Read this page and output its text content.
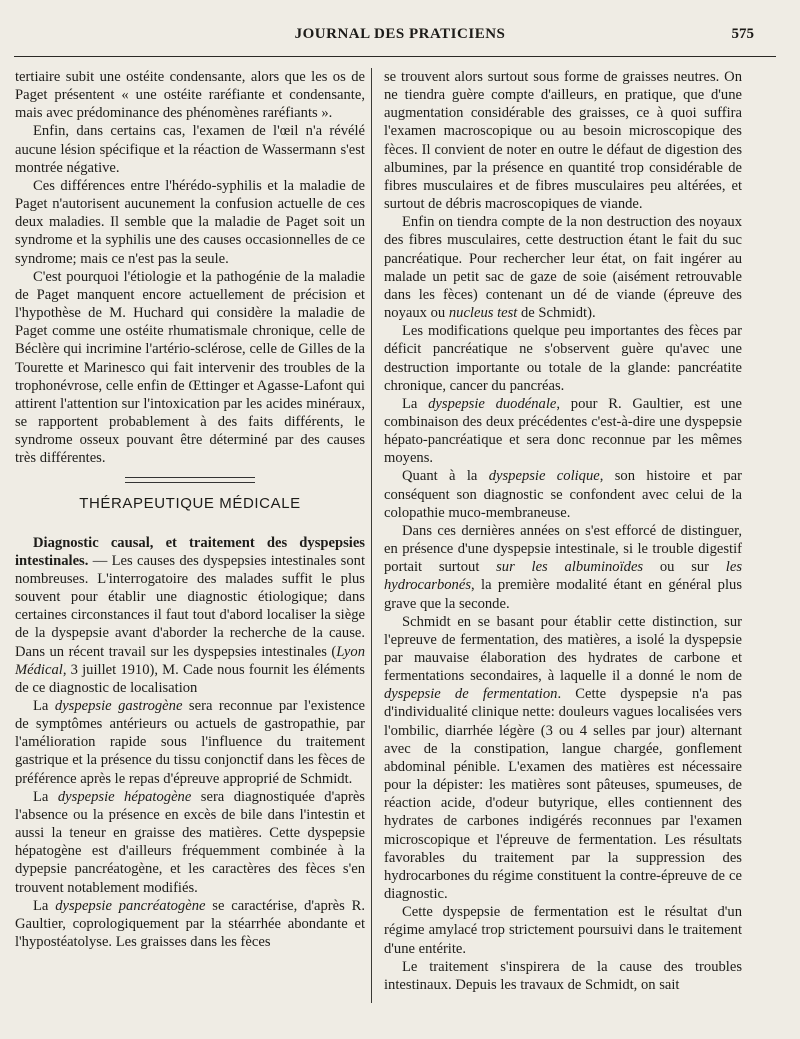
JOURNAL DES PRATICIENS	575

tertiaire subit une ostéite condensante, alors que les os de Paget présentent « une ostéite raréfiante et condensante, mais avec prédominance des phénomènes raréfiants ».

Enfin, dans certains cas, l'examen de l'œil n'a révélé aucune lésion spécifique et la réaction de Wassermann s'est montrée négative.

Ces différences entre l'hérédo-syphilis et la maladie de Paget n'autorisent aucunement la confusion actuelle de ces deux maladies. Il semble que la maladie de Paget soit un syndrome et la syphilis une des causes occasionnelles de ce syndrome; mais ce n'est pas la seule.

C'est pourquoi l'étiologie et la pathogénie de la maladie de Paget manquent encore actuellement de précision et l'hypothèse de M. Huchard qui considère la maladie de Paget comme une ostéite rhumatismale chronique, celle de Béclère qui incrimine l'artério-sclérose, celle de Gilles de la Tourette et Marinesco qui fait intervenir des troubles de la trophonévrose, celle enfin de Œttinger et Agasse-Lafont qui attirent l'attention sur l'intoxication par les acides minéraux, se rapportent probablement à des faits différents, le syndrome osseux pouvant être déterminé par des causes très différentes.

THÉRAPEUTIQUE MÉDICALE

Diagnostic causal, et traitement des dyspepsies intestinales. — Les causes des dyspepsies intestinales sont nombreuses. L'interrogatoire des malades suffit le plus souvent pour établir une diagnostic étiologique; dans certaines circonstances il faut tout d'abord localiser la siège de la dyspepsie avant d'aborder la recherche de la cause. Dans un récent travail sur les dyspepsies intestinales (Lyon Médical, 3 juillet 1910), M. Cade nous fournit les éléments de ce diagnostic de localisation

La dyspepsie gastrogène sera reconnue par l'existence de symptômes antérieurs ou actuels de gastropathie, par l'amélioration rapide sous l'influence du traitement gastrique et la présence du tissu conjonctif dans les fèces de préférence après le repas d'épreuve approprié de Schmidt.

La dyspepsie hépatogène sera diagnostiquée d'après l'absence ou la présence en excès de bile dans l'intestin et aussi la teneur en graisse des matières. Cette dyspepsie hépatogène est d'ailleurs fréquemment combinée à la dypepsie pancréatogène, et les caractères des fèces s'en trouvent notablement modifiés.

La dyspepsie pancréatogène se caractérise, d'après R. Gaultier, coprologiquement par la stéarrhée abondante et l'hypostéatolyse. Les graisses dans les fèces

se trouvent alors surtout sous forme de graisses neutres. On ne tiendra guère compte d'ailleurs, en pratique, que d'une augmentation considérable des graisses, ce à quoi suffira l'examen macroscopique ou au besoin microscopique des fèces. Il convient de noter en outre le défaut de digestion des albumines, par la présence en quantité trop considérable de fibres musculaires et de fibres musculaires peu altérées, et surtout de débris macroscopiques de viande.

Enfin on tiendra compte de la non destruction des noyaux des fibres musculaires, cette destruction étant le fait du suc pancréatique. Pour rechercher leur état, on fait ingérer au malade un petit sac de gaze de soie (aisément retrouvable dans les fèces) contenant un dé de viande (épreuve des noyaux ou nucleus test de Schmidt).

Les modifications quelque peu importantes des fèces par déficit pancréatique ne s'observent guère qu'avec une destruction importante ou totale de la glande: pancréatite chronique, cancer du pancréas.

La dyspepsie duodénale, pour R. Gaultier, est une combinaison des deux précédentes c'est-à-dire une dyspepsie hépato-pancréatique et sera donc reconnue par les mêmes moyens.

Quant à la dyspepsie colique, son histoire et par conséquent son diagnostic se confondent avec celui de la colopathie muco-membraneuse.

Dans ces dernières années on s'est efforcé de distinguer, en présence d'une dyspepsie intestinale, si le trouble digestif portait surtout sur les albuminoïdes ou sur les hydrocarbonés, la première modalité étant en général plus grave que la seconde.

Schmidt en se basant pour établir cette distinction, sur l'epreuve de fermentation, des matières, a isolé la dyspepsie par mauvaise élaboration des hydrates de carbone et fermentations secondaires, à laquelle il a donné le nom de dyspepsie de fermentation. Cette dyspepsie n'a pas d'individualité clinique nette: douleurs vagues localisées vers l'ombilic, diarrhée légère (3 ou 4 selles par jour) alternant avec de la constipation, langue chargée, gonflement abdominal pénible. L'examen des matières est nécessaire pour la dépister: les matières sont pâteuses, spumeuses, de réaction acide, d'odeur butyrique, elles contiennent des hydrates de carbones indigérés reconnues par l'examen microscopique et l'épreuve de fermentation. Les résultats favorables du traitement par la suppression des hydrocarbones du régime constituent la contre-épreuve de ce diagnostic.

Cette dyspepsie de fermentation est le résultat d'un régime amylacé trop strictement poursuivi dans le traitement d'une entérite.

Le traitement s'inspirera de la cause des troubles intestinaux. Depuis les travaux de Schmidt, on sait
